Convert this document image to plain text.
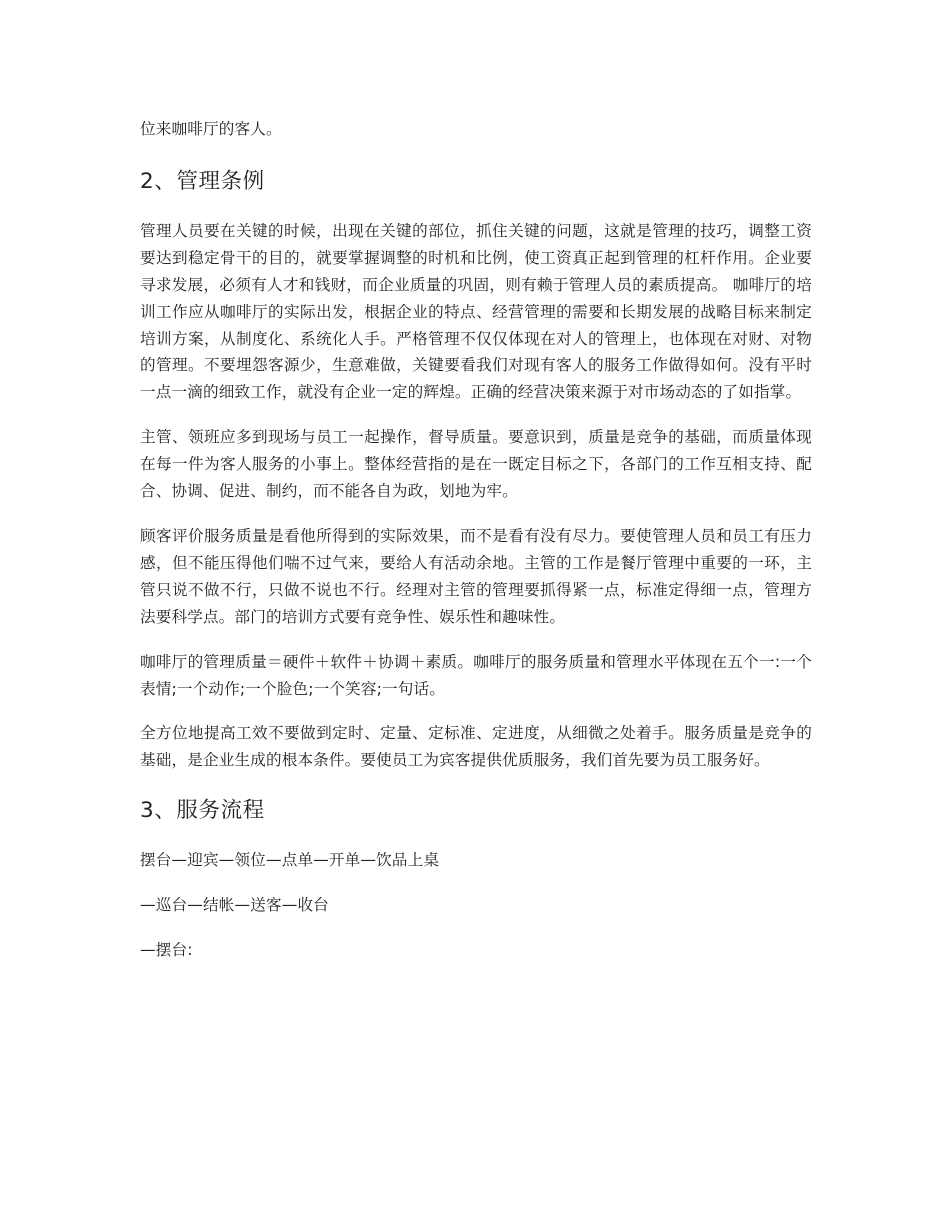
位来咖啡厅的客人。

2、管理条例

管理人员要在关键的时候，出现在关键的部位，抓住关键的问题，这就是管理的技巧，调整工资要达到稳定骨干的目的，就要掌握调整的时机和比例，使工资真正起到管理的杠杆作用。企业要寻求发展，必须有人才和钱财，而企业质量的巩固，则有赖于管理人员的素质提高。 咖啡厅的培训工作应从咖啡厅的实际出发，根据企业的特点、经营管理的需要和长期发展的战略目标来制定培训方案，从制度化、系统化人手。严格管理不仅仅体现在对人的管理上，也体现在对财、对物的管理。不要埋怨客源少，生意难做，关键要看我们对现有客人的服务工作做得如何。没有平时一点一滴的细致工作，就没有企业一定的辉煌。正确的经营决策来源于对市场动态的了如指掌。

主管、领班应多到现场与员工一起操作，督导质量。要意识到，质量是竞争的基础，而质量体现在每一件为客人服务的小事上。整体经营指的是在一既定目标之下，各部门的工作互相支持、配合、协调、促进、制约，而不能各自为政，划地为牢。

顾客评价服务质量是看他所得到的实际效果，而不是看有没有尽力。要使管理人员和员工有压力感，但不能压得他们喘不过气来，要给人有活动余地。主管的工作是餐厅管理中重要的一环，主管只说不做不行，只做不说也不行。经理对主管的管理要抓得紧一点，标准定得细一点，管理方法要科学点。部门的培训方式要有竞争性、娱乐性和趣味性。

咖啡厅的管理质量＝硬件＋软件＋协调＋素质。咖啡厅的服务质量和管理水平体现在五个一:一个表情;一个动作;一个脸色;一个笑容;一句话。

全方位地提高工效不要做到定时、定量、定标准、定进度，从细微之处着手。服务质量是竞争的基础，是企业生成的根本条件。要使员工为宾客提供优质服务，我们首先要为员工服务好。

3、服务流程

摆台—迎宾—领位—点单—开单—饮品上桌

—巡台—结帐—送客—收台

—摆台:
